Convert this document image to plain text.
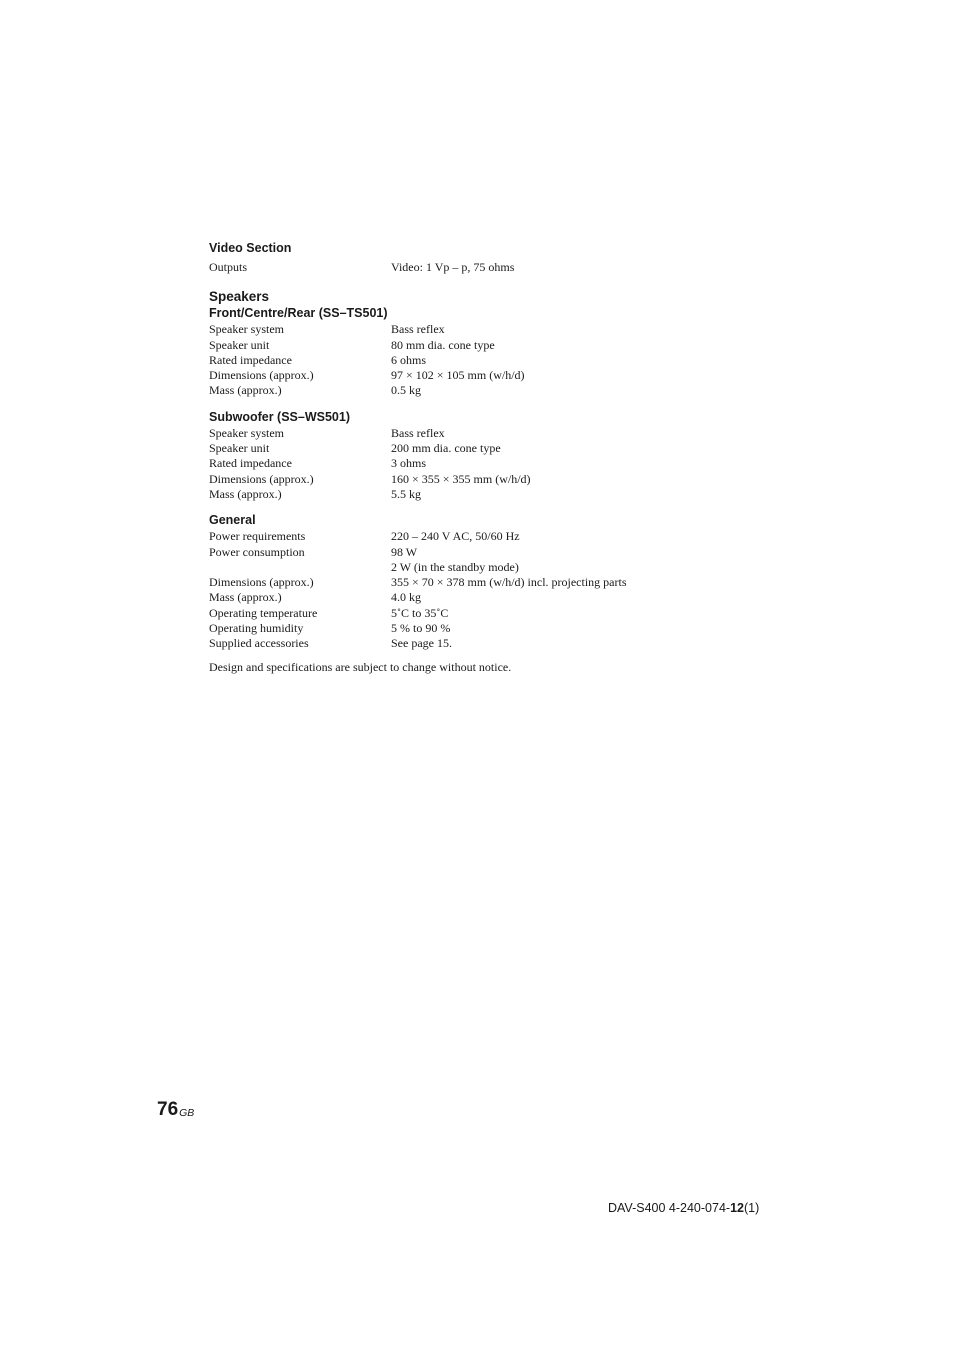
Video Section
Outputs	Video: 1 Vp – p, 75 ohms
Speakers
Front/Centre/Rear (SS–TS501)
Speaker system	Bass reflex
Speaker unit	80 mm dia. cone type
Rated impedance	6 ohms
Dimensions (approx.)	97 × 102 × 105 mm (w/h/d)
Mass (approx.)	0.5 kg
Subwoofer (SS–WS501)
Speaker system	Bass reflex
Speaker unit	200 mm dia. cone type
Rated impedance	3 ohms
Dimensions (approx.)	160 × 355 × 355 mm (w/h/d)
Mass (approx.)	5.5 kg
General
Power requirements	220 – 240 V AC, 50/60 Hz
Power consumption	98 W
2 W (in the standby mode)
Dimensions (approx.)	355 × 70 × 378 mm (w/h/d) incl. projecting parts
Mass (approx.)	4.0 kg
Operating temperature	5˚C to 35˚C
Operating humidity	5 % to 90 %
Supplied accessories	See page 15.

Design and specifications are subject to change without notice.

$76^{GB}$
DAV-S400 4-240-074-12(1)
